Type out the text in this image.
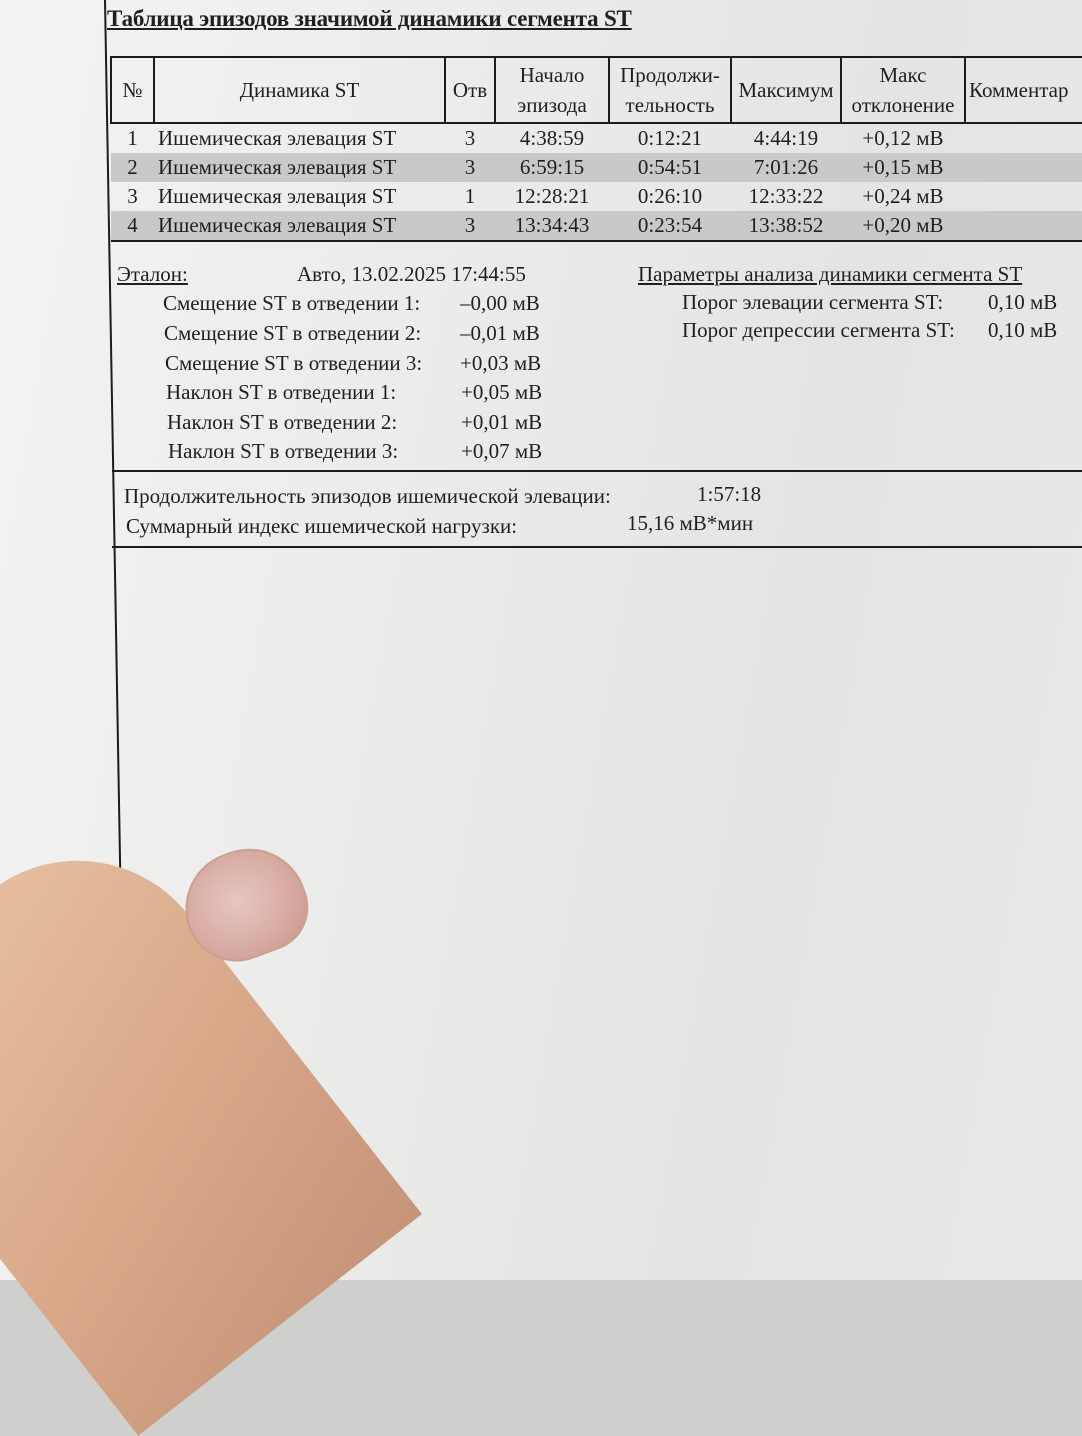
Таблица эпизодов значимой динамики сегмента ST
№	Динамика ST	Отв	Начало эпизода	Продолжи-тельность	Максимум	Макс отклонение	Комментар
1	Ишемическая элевация ST	3	4:38:59	0:12:21	4:44:19	+0,12 мВ	
2	Ишемическая элевация ST	3	6:59:15	0:54:51	7:01:26	+0,15 мВ	
3	Ишемическая элевация ST	1	12:28:21	0:26:10	12:33:22	+0,24 мВ	
4	Ишемическая элевация ST	3	13:34:43	0:23:54	13:38:52	+0,20 мВ	
Эталон:	Авто, 13.02.2025 17:44:55
Смещение ST в отведении 1: –0,00 мВ
Смещение ST в отведении 2: –0,01 мВ
Смещение ST в отведении 3: +0,03 мВ
Наклон ST в отведении 1:	+0,05 мВ
Наклон ST в отведении 2:	+0,01 мВ
Наклон ST в отведении 3:	+0,07 мВ
Параметры анализа динамики сегмента ST
Порог элевации сегмента ST: 0,10 мВ
Порог депрессии сегмента ST: 0,10 мВ
Продолжительность эпизодов ишемической элевации:	1:57:18
Суммарный индекс ишемической нагрузки:	15,16 мВ*мин
